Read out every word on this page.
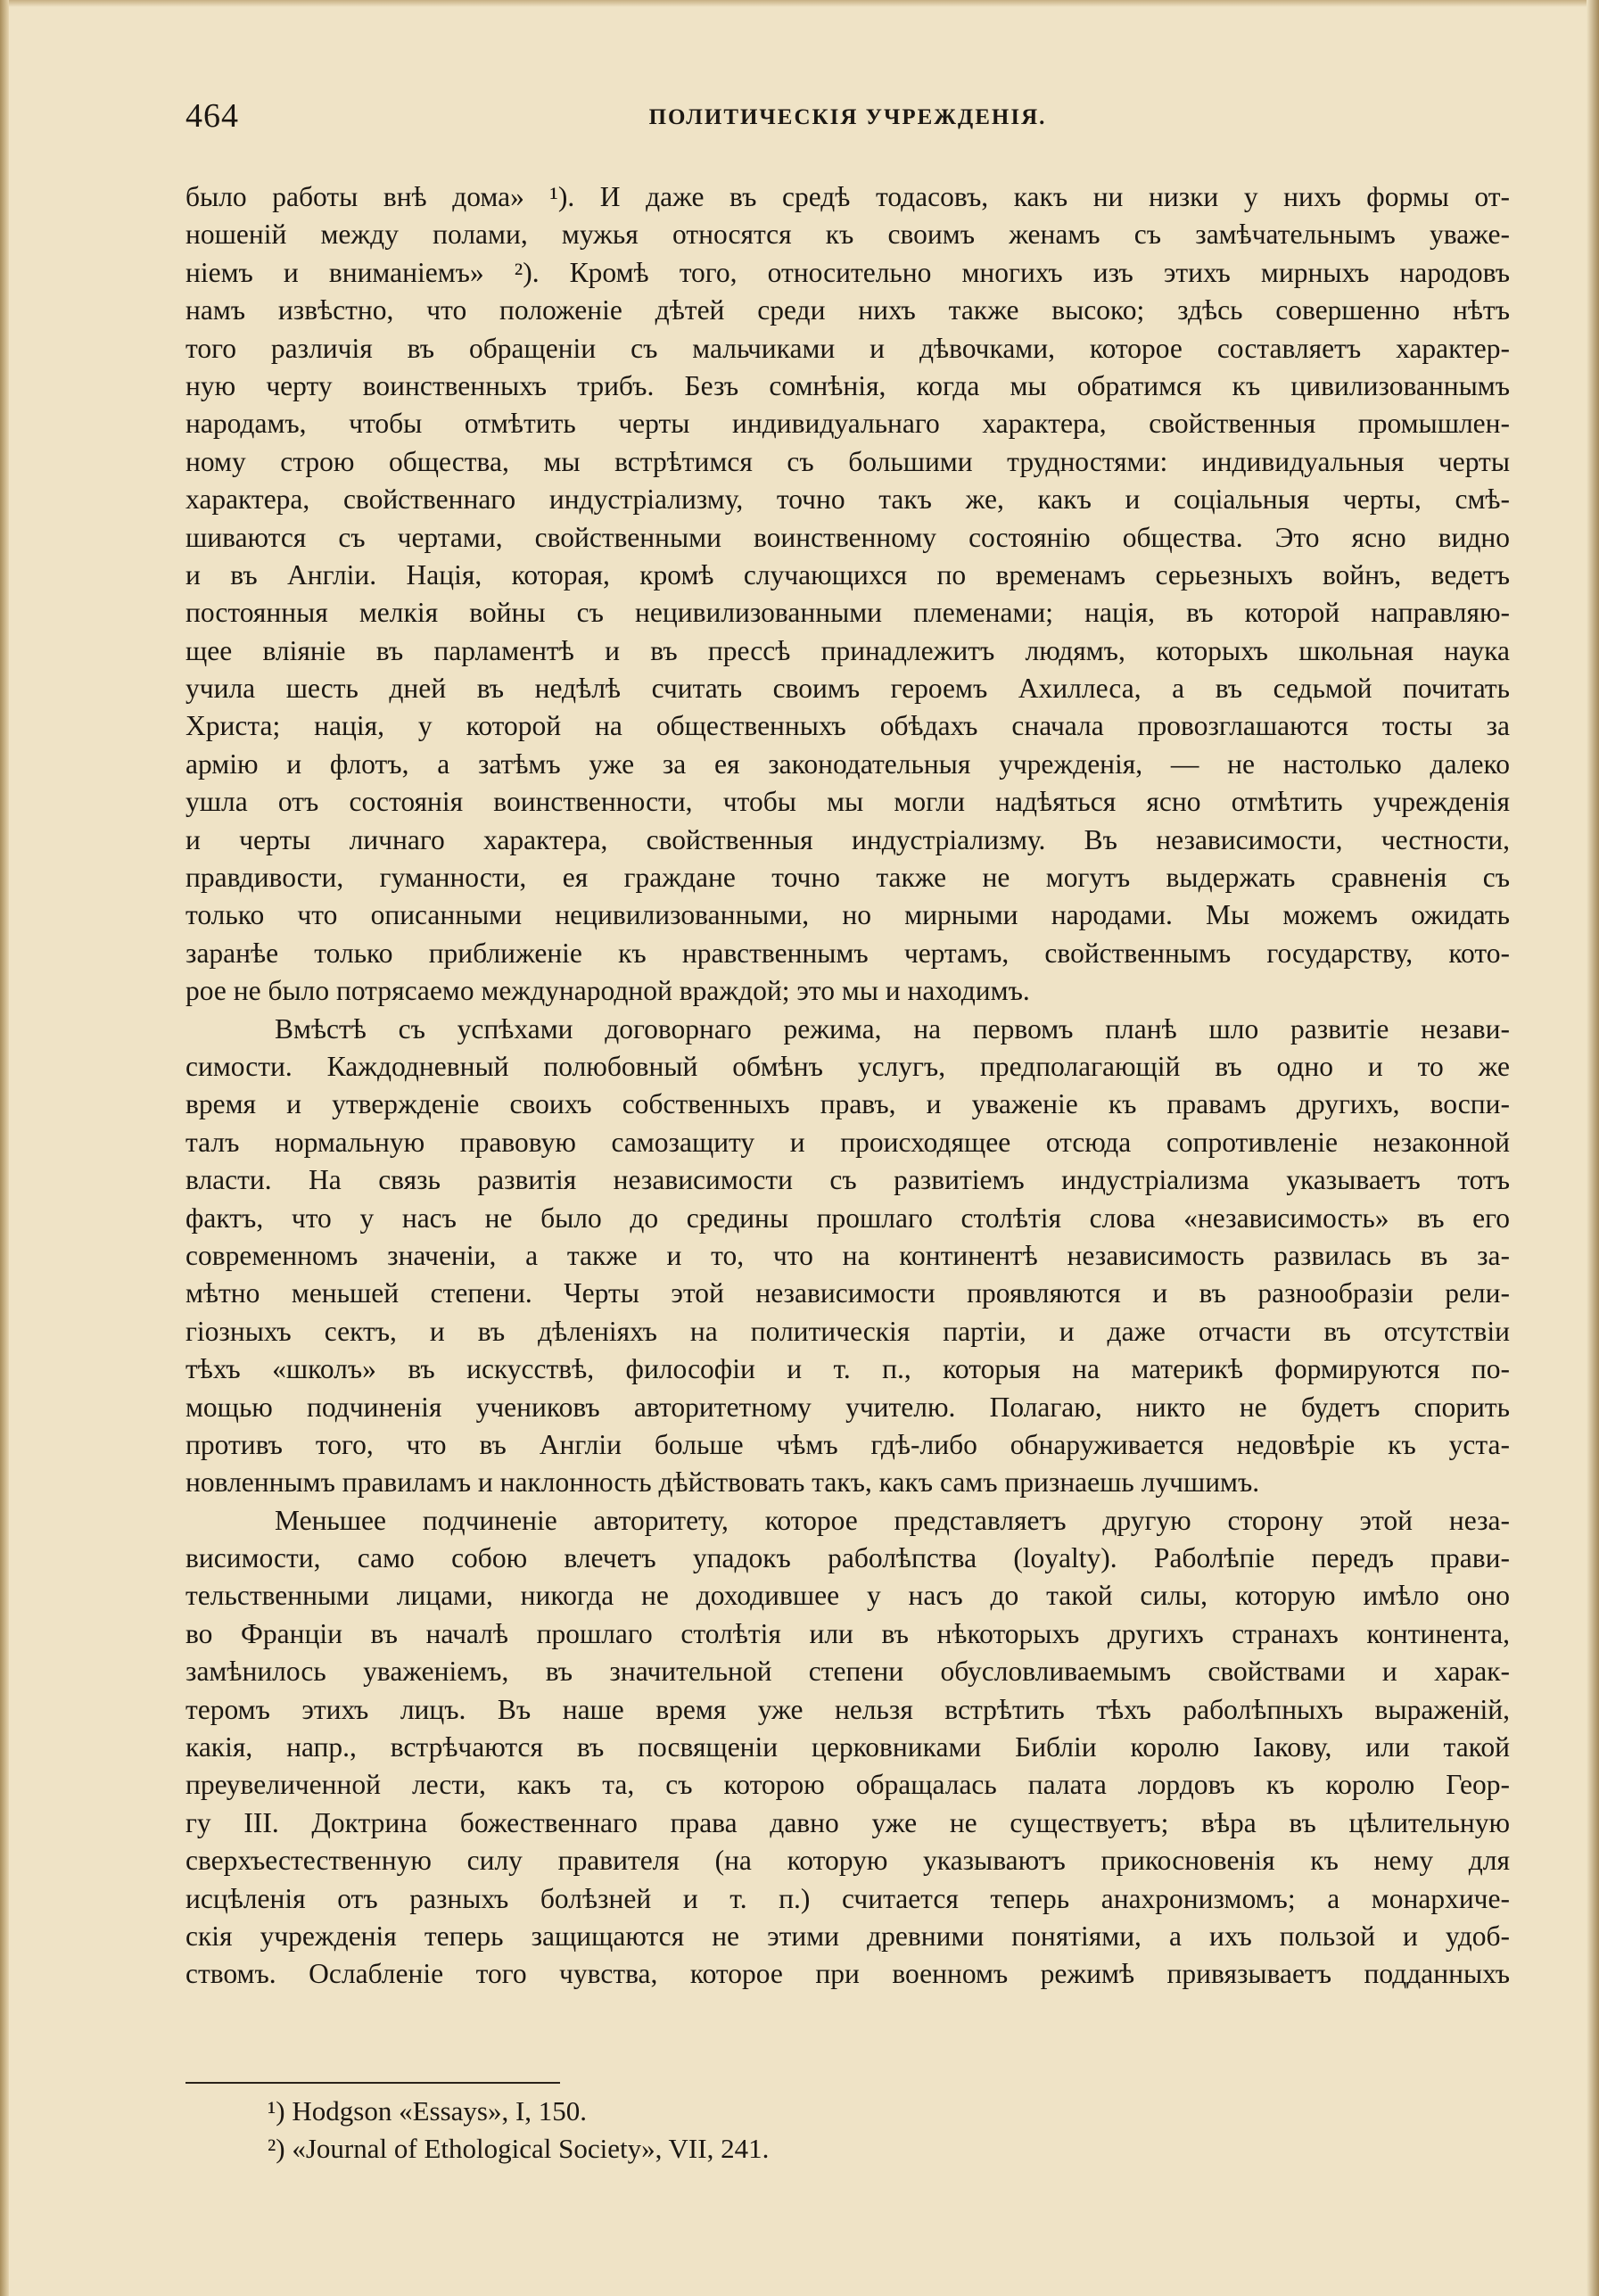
464	ПОЛИТИЧЕСКІЯ УЧРЕЖДЕНІЯ.
было работы внѣ дома» ¹). И даже въ средѣ тодасовъ, какъ ни низки у нихъ формы от-
ношеній между полами, мужья относятся къ своимъ женамъ съ замѣчательнымъ уваже-
ніемъ и вниманіемъ» ²). Кромѣ того, относительно многихъ изъ этихъ мирныхъ народовъ
намъ извѣстно, что положеніе дѣтей среди нихъ также высоко; здѣсь совершенно нѣтъ
того различія въ обращеніи съ мальчиками и дѣвочками, которое составляетъ характер-
ную черту воинственныхъ трибъ. Безъ сомнѣнія, когда мы обратимся къ цивилизованнымъ
народамъ, чтобы отмѣтить черты индивидуальнаго характера, свойственныя промышлен-
ному строю общества, мы встрѣтимся съ большими трудностями: индивидуальныя черты
характера, свойственнаго индустріализму, точно такъ же, какъ и соціальныя черты, смѣ-
шиваются съ чертами, свойственными воинственному состоянію общества. Это ясно видно
и въ Англіи. Нація, которая, кромѣ случающихся по временамъ серьезныхъ войнъ, ведетъ
постоянныя мелкія войны съ нецивилизованными племенами; нація, въ которой направляю-
щее вліяніе въ парламентѣ и въ прессѣ принадлежитъ людямъ, которыхъ школьная наука
учила шесть дней въ недѣлѣ считать своимъ героемъ Ахиллеса, а въ седьмой почитать
Христа; нація, у которой на общественныхъ обѣдахъ сначала провозглашаются тосты за
армію и флотъ, а затѣмъ уже за ея законодательныя учрежденія, — не настолько далеко
ушла отъ состоянія воинственности, чтобы мы могли надѣяться ясно отмѣтить учрежденія
и черты личнаго характера, свойственныя индустріализму. Въ независимости, честности,
правдивости, гуманности, ея граждане точно также не могутъ выдержать сравненія съ
только что описанными нецивилизованными, но мирными народами. Мы можемъ ожидать
заранѣе только приближеніе къ нравственнымъ чертамъ, свойственнымъ государству, кото-
рое не было потрясаемо международной враждой; это мы и находимъ.
Вмѣстѣ съ успѣхами договорнаго режима, на первомъ планѣ шло развитіе незави-
симости. Каждодневный полюбовный обмѣнъ услугъ, предполагающій въ одно и то же
время и утвержденіе своихъ собственныхъ правъ, и уваженіе къ правамъ другихъ, воспи-
талъ нормальную правовую самозащиту и происходящее отсюда сопротивленіе незаконной
власти. На связь развитія независимости съ развитіемъ индустріализма указываетъ тотъ
фактъ, что у насъ не было до средины прошлаго столѣтія слова «независимость» въ его
современномъ значеніи, а также и то, что на континентѣ независимость развилась въ за-
мѣтно меньшей степени. Черты этой независимости проявляются и въ разнообразіи рели-
гіозныхъ сектъ, и въ дѣленіяхъ на политическія партіи, и даже отчасти въ отсутствіи
тѣхъ «школъ» въ искусствѣ, философіи и т. п., которыя на материкѣ формируются по-
мощью подчиненія учениковъ авторитетному учителю. Полагаю, никто не будетъ спорить
противъ того, что въ Англіи больше чѣмъ гдѣ-либо обнаруживается недовѣріе къ уста-
новленнымъ правиламъ и наклонность дѣйствовать такъ, какъ самъ признаешь лучшимъ.
Меньшее подчиненіе авторитету, которое представляетъ другую сторону этой неза-
висимости, само собою влечетъ упадокъ раболѣпства (loyalty). Раболѣпіе передъ прави-
тельственными лицами, никогда не доходившее у насъ до такой силы, которую имѣло оно
во Франціи въ началѣ прошлаго столѣтія или въ нѣкоторыхъ другихъ странахъ континента,
замѣнилось уваженіемъ, въ значительной степени обусловливаемымъ свойствами и харак-
теромъ этихъ лицъ. Въ наше время уже нельзя встрѣтить тѣхъ раболѣпныхъ выраженій,
какія, напр., встрѣчаются въ посвященіи церковниками Библіи королю Іакову, или такой
преувеличенной лести, какъ та, съ которою обращалась палата лордовъ къ королю Геор-
гу III. Доктрина божественнаго права давно уже не существуетъ; вѣра въ цѣлительную
сверхъестественную силу правителя (на которую указываютъ прикосновенія къ нему для
исцѣленія отъ разныхъ болѣзней и т. п.) считается теперь анахронизмомъ; а монархиче-
скія учрежденія теперь защищаются не этими древними понятіями, а ихъ пользой и удоб-
ствомъ. Ослабленіе того чувства, которое при военномъ режимѣ привязываетъ подданныхъ
¹) Hodgson «Essays», I, 150.
²) «Journal of Ethological Society», VII, 241.
